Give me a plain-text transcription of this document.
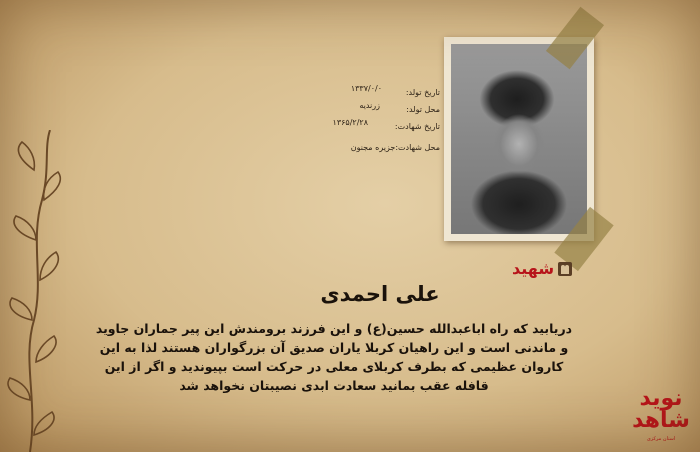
تاریخ تولد:
۱۳۳۷/۰/۰
محل تولد:
زرندیه
تاریخ شهادت:
۱۳۶۵/۲/۲۸
محل شهادت:جزیره مجنون
شهید
علی احمدی
دریابید که راه اباعبدالله حسین(ع) و این فرزند برومندش این پیر جماران جاوید
و ماندنی است و این راهیان کربلا یاران صدیق آن بزرگواران هستند لذا به این
کاروان عظیمی که بطرف کربلای معلی در حرکت است بپیوندید و اگر از این
قافله عقب بمانید سعادت ابدی نصیبتان نخواهد شد
نوید شاهد
استان مرکزی
